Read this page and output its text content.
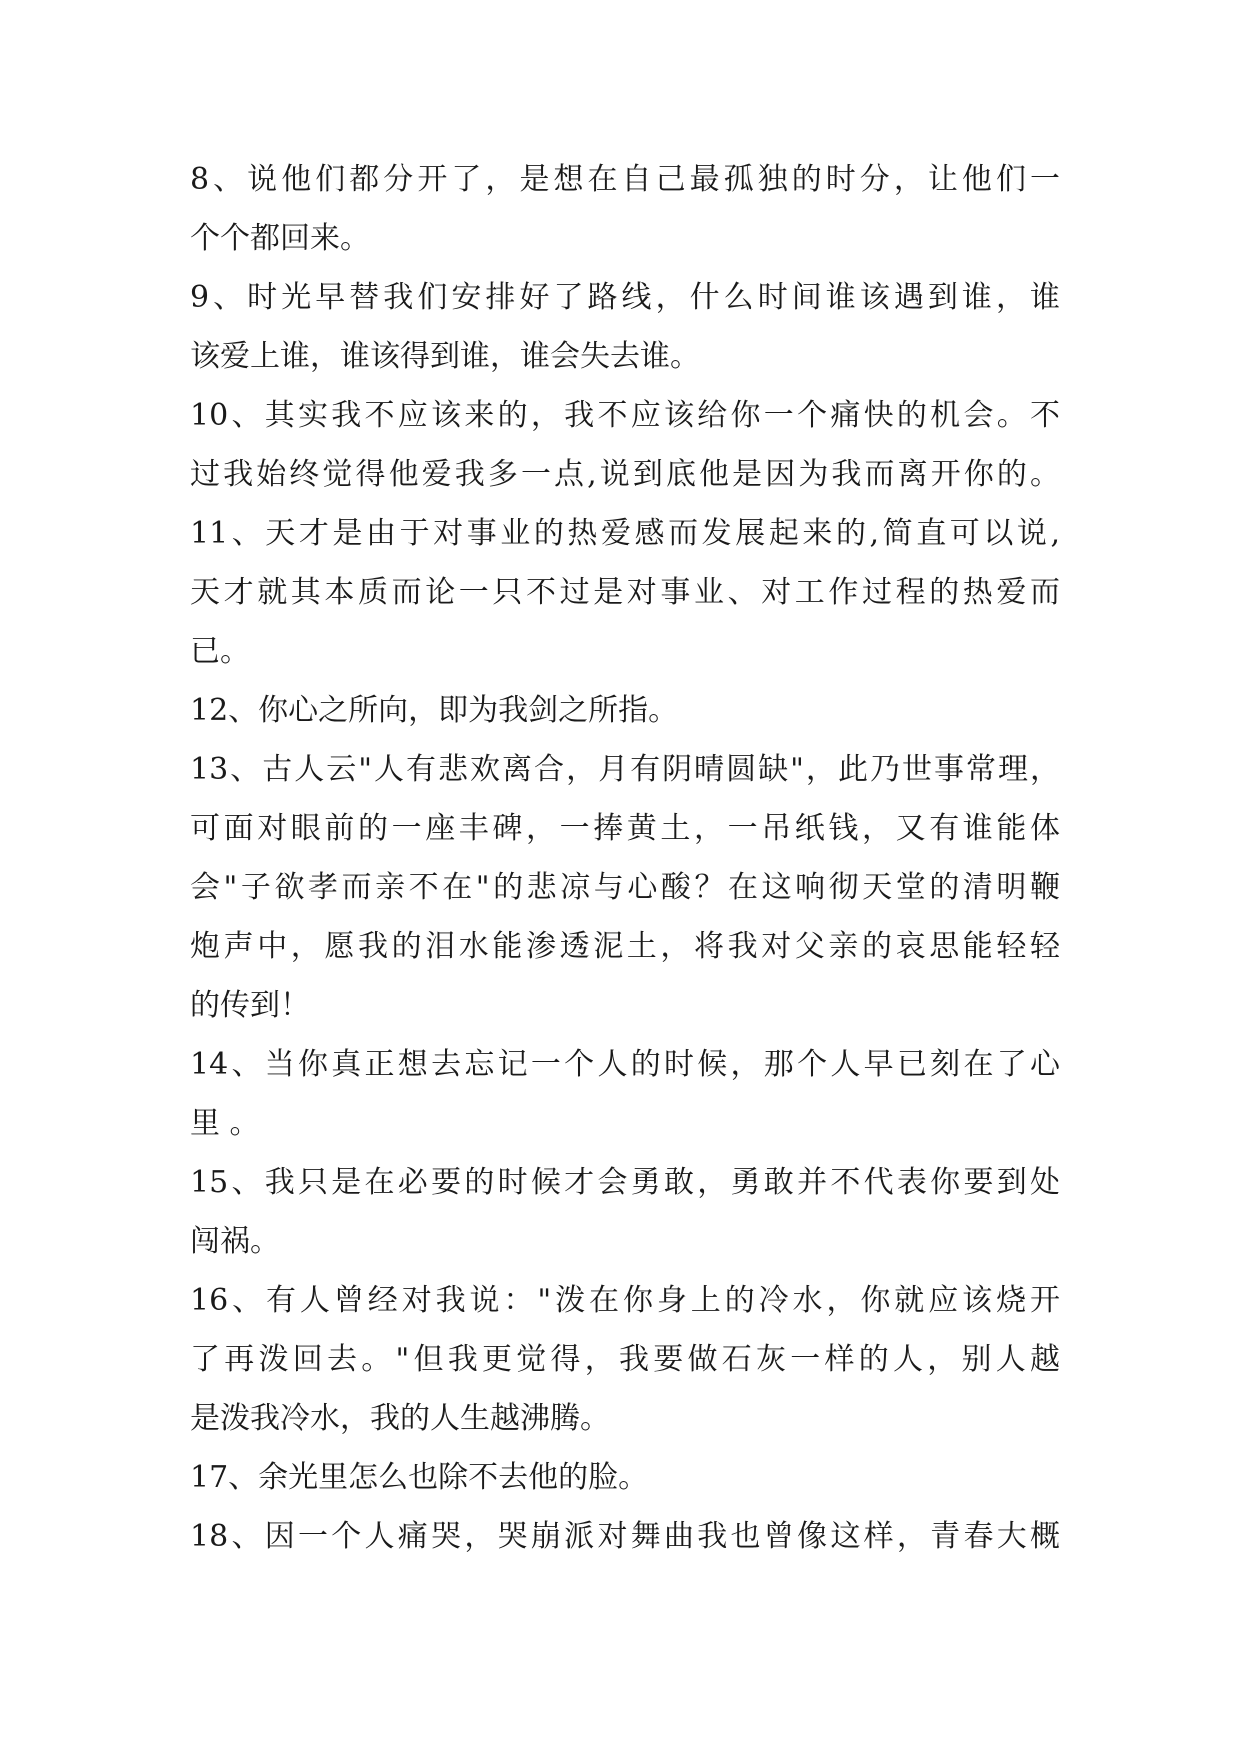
8、说他们都分开了，是想在自己最孤独的时分，让他们一
个个都回来。
9、时光早替我们安排好了路线，什么时间谁该遇到谁，谁
该爱上谁，谁该得到谁，谁会失去谁。
10、其实我不应该来的，我不应该给你一个痛快的机会。不
过我始终觉得他爱我多一点,说到底他是因为我而离开你的。
11、天才是由于对事业的热爱感而发展起来的,简直可以说,
天才就其本质而论一只不过是对事业、对工作过程的热爱而
已。
12、你心之所向，即为我剑之所指。
13、古人云"人有悲欢离合，月有阴晴圆缺"，此乃世事常理，
可面对眼前的一座丰碑，一捧黄土，一吊纸钱，又有谁能体
会"子欲孝而亲不在"的悲凉与心酸？在这响彻天堂的清明鞭
炮声中，愿我的泪水能渗透泥土，将我对父亲的哀思能轻轻
的传到！
14、当你真正想去忘记一个人的时候，那个人早已刻在了心
里 。
15、我只是在必要的时候才会勇敢，勇敢并不代表你要到处
闯祸。
16、有人曾经对我说："泼在你身上的冷水，你就应该烧开
了再泼回去。"但我更觉得，我要做石灰一样的人，别人越
是泼我冷水，我的人生越沸腾。
17、余光里怎么也除不去他的脸。
18、因一个人痛哭，哭崩派对舞曲我也曾像这样，青春大概
